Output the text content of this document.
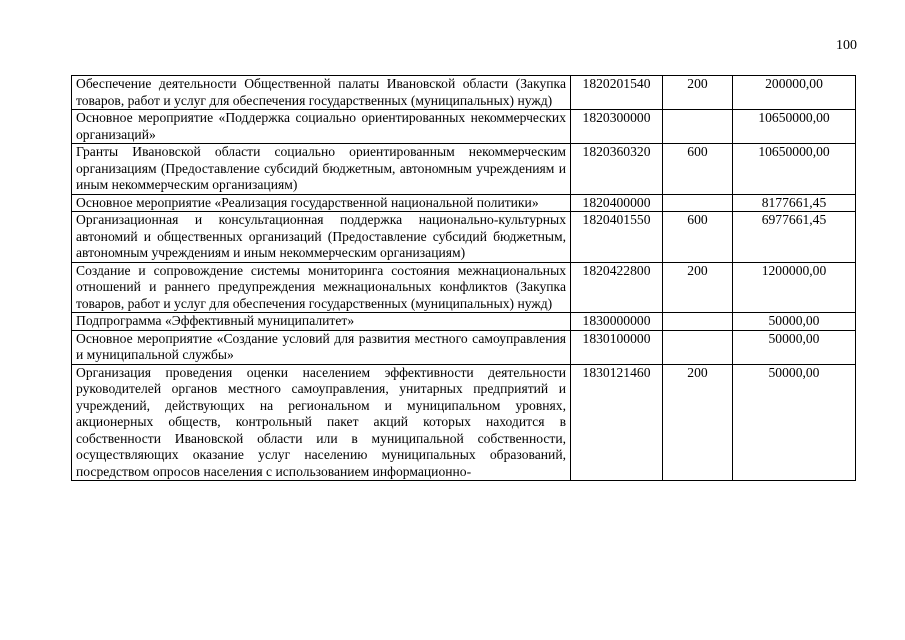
100
Обеспечение деятельности Общественной палаты Ивановской области (Закупка товаров, работ и услуг для обеспечения государственных (муниципальных) нужд)	1820201540	200	200000,00
Основное мероприятие «Поддержка социально ориентированных некоммерческих организаций»	1820300000		10650000,00
Гранты Ивановской области социально ориентированным некоммерческим организациям (Предоставление субсидий бюджетным, автономным учреждениям и иным некоммерческим организациям)	1820360320	600	10650000,00
Основное мероприятие «Реализация государственной национальной политики»	1820400000		8177661,45
Организационная и консультационная поддержка национально-культурных автономий и общественных организаций (Предоставление субсидий бюджетным, автономным учреждениям и иным некоммерческим организациям)	1820401550	600	6977661,45
Создание и сопровождение системы мониторинга состояния межнациональных отношений и раннего предупреждения межнациональных конфликтов (Закупка товаров, работ и услуг для обеспечения государственных (муниципальных) нужд)	1820422800	200	1200000,00
Подпрограмма «Эффективный муниципалитет»	1830000000		50000,00
Основное мероприятие «Создание условий для развития местного самоуправления и муниципальной службы»	1830100000		50000,00
Организация проведения оценки населением эффективности деятельности руководителей органов местного самоуправления, унитарных предприятий и учреждений, действующих на региональном и муниципальном уровнях, акционерных обществ, контрольный пакет акций которых находится в собственности Ивановской области или в муниципальной собственности, осуществляющих оказание услуг населению муниципальных образований, посредством опросов населения с использованием информационно-	1830121460	200	50000,00
